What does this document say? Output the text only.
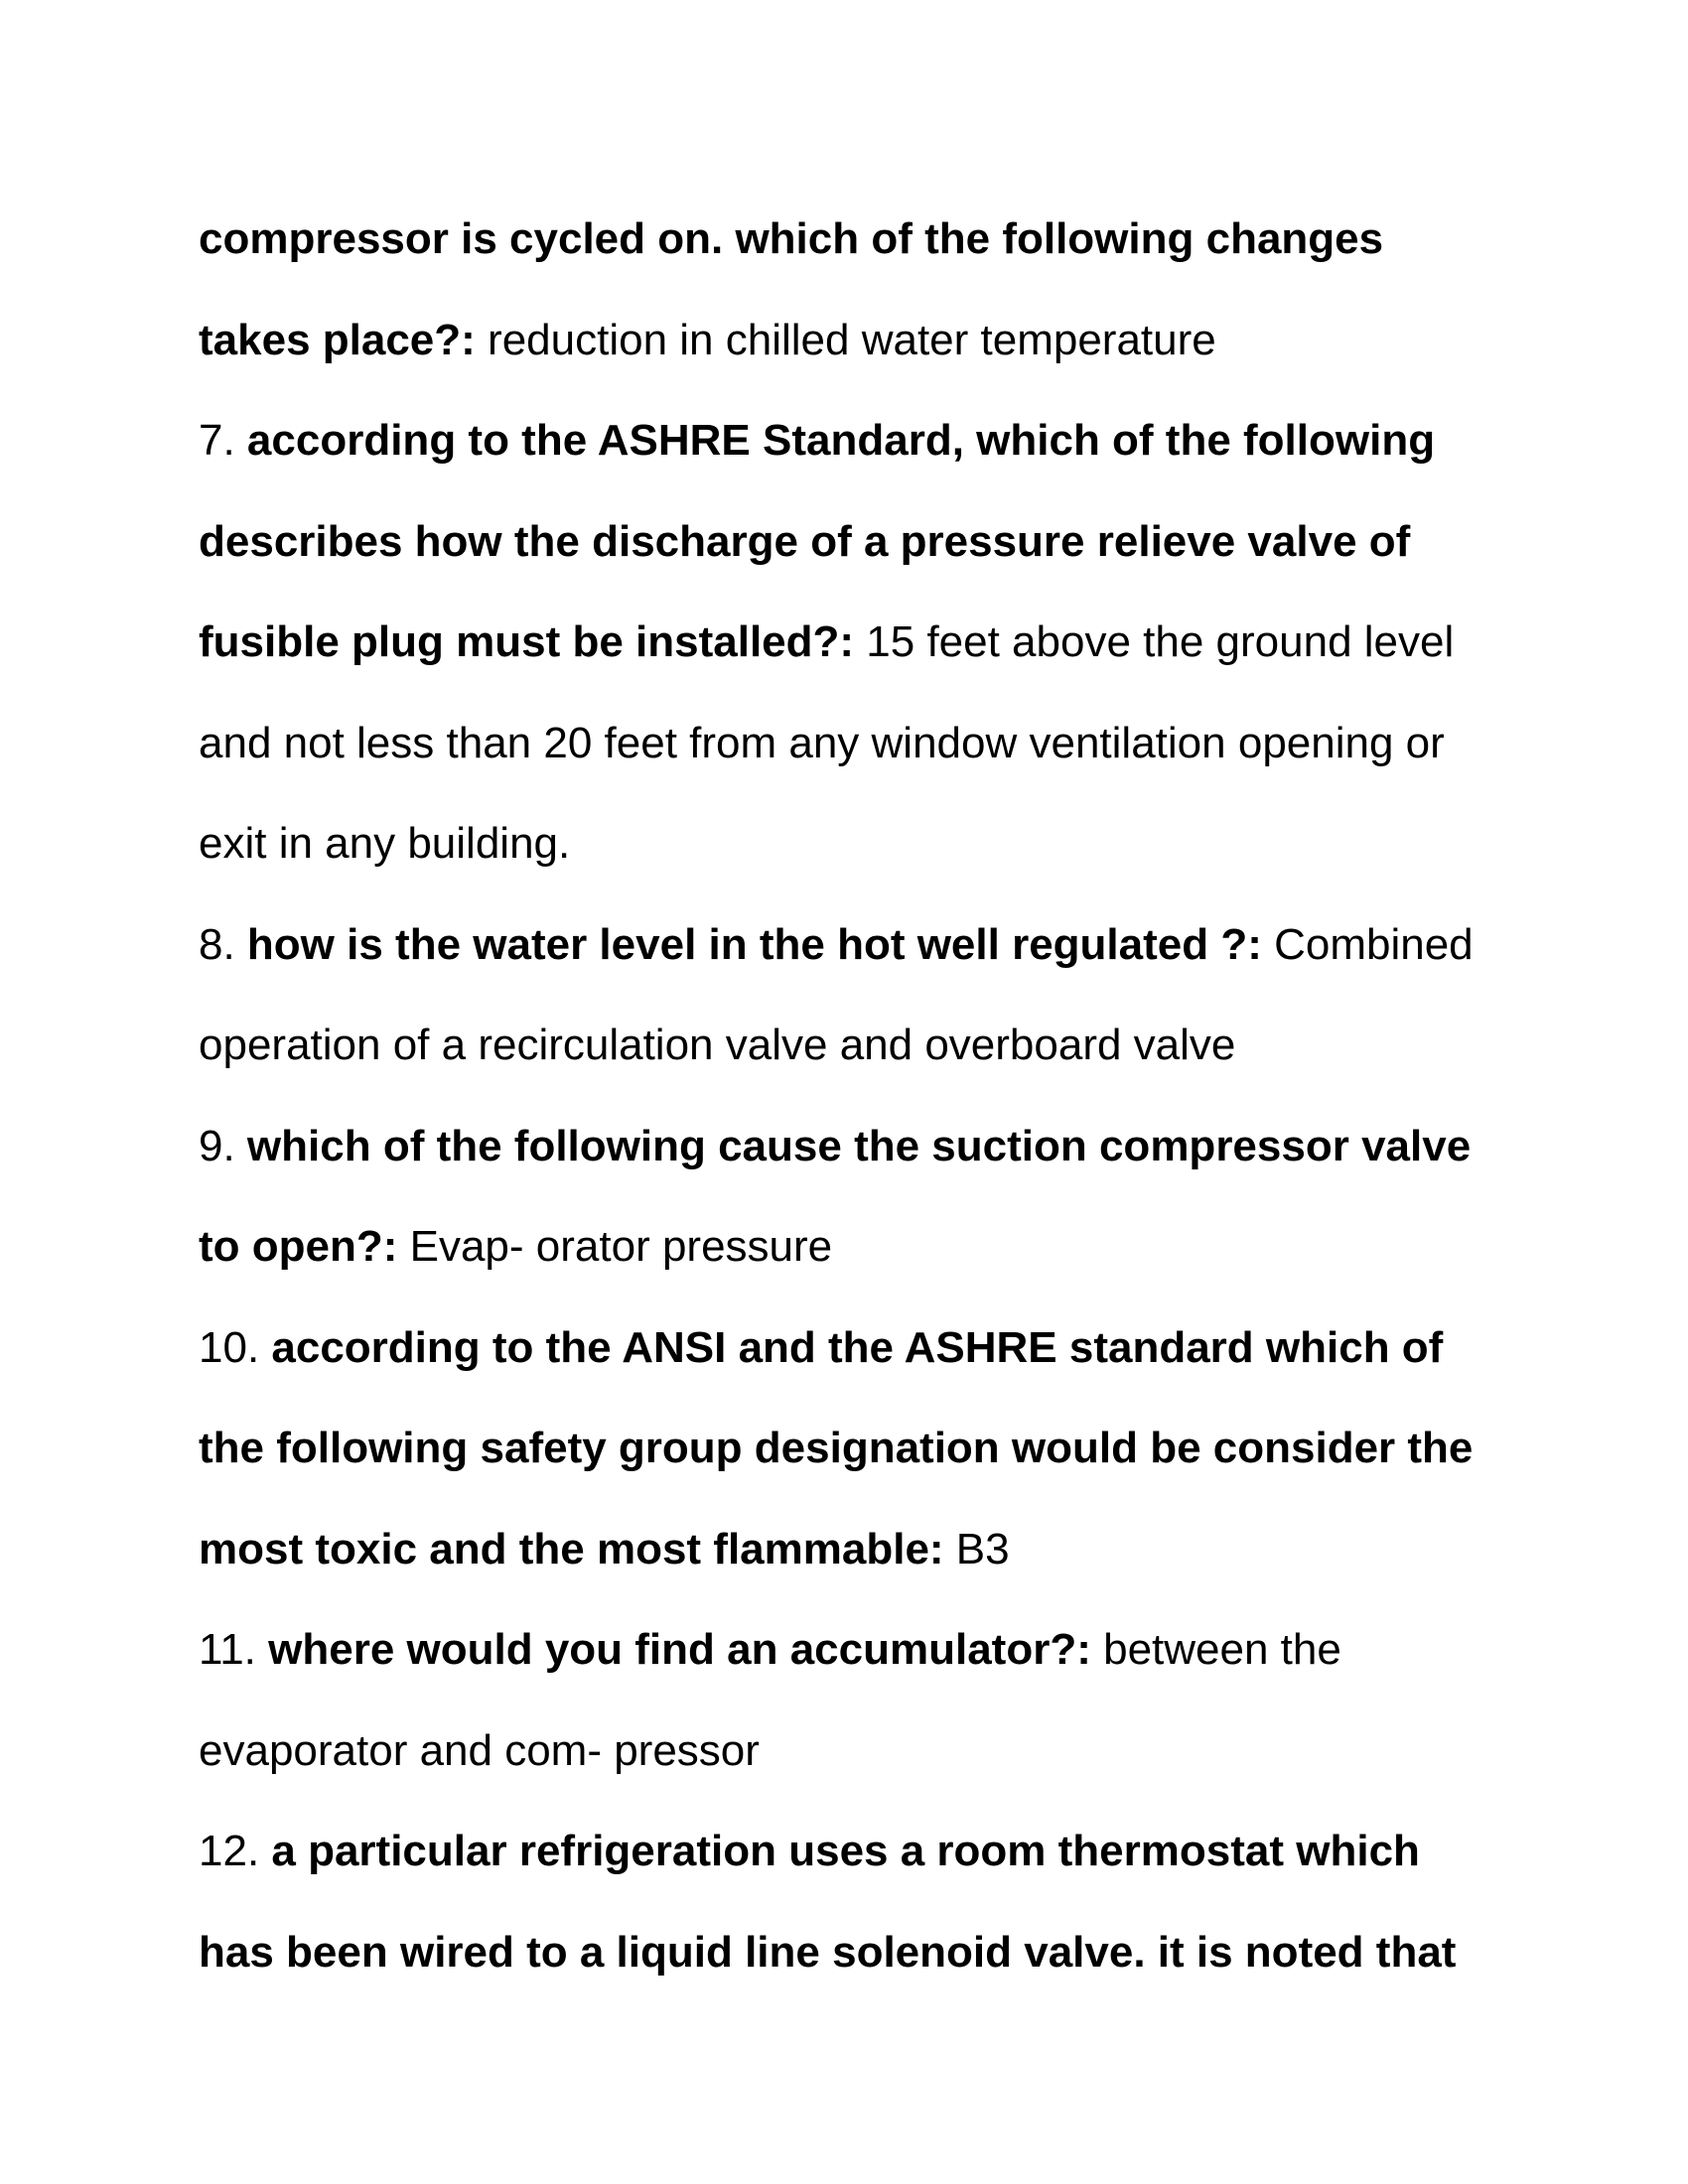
compressor is cycled on. which of the following changes
takes place?: reduction in chilled water temperature
7. according to the ASHRE Standard, which of the following
describes how the discharge of a pressure relieve valve of
fusible plug must be installed?: 15 feet above the ground level
and not less than 20 feet from any window ventilation opening or
exit in any building.
8. how is the water level in the hot well regulated ?: Combined
operation of a recirculation valve and overboard valve
9. which of the following cause the suction compressor valve
to open?: Evap- orator pressure
10. according to the ANSI and the ASHRE standard which of
the following safety group designation would be consider the
most toxic and the most flammable: B3
11. where would you find an accumulator?: between the
evaporator and com- pressor
12. a particular refrigeration uses a room thermostat which
has been wired to a liquid line solenoid valve. it is noted that
